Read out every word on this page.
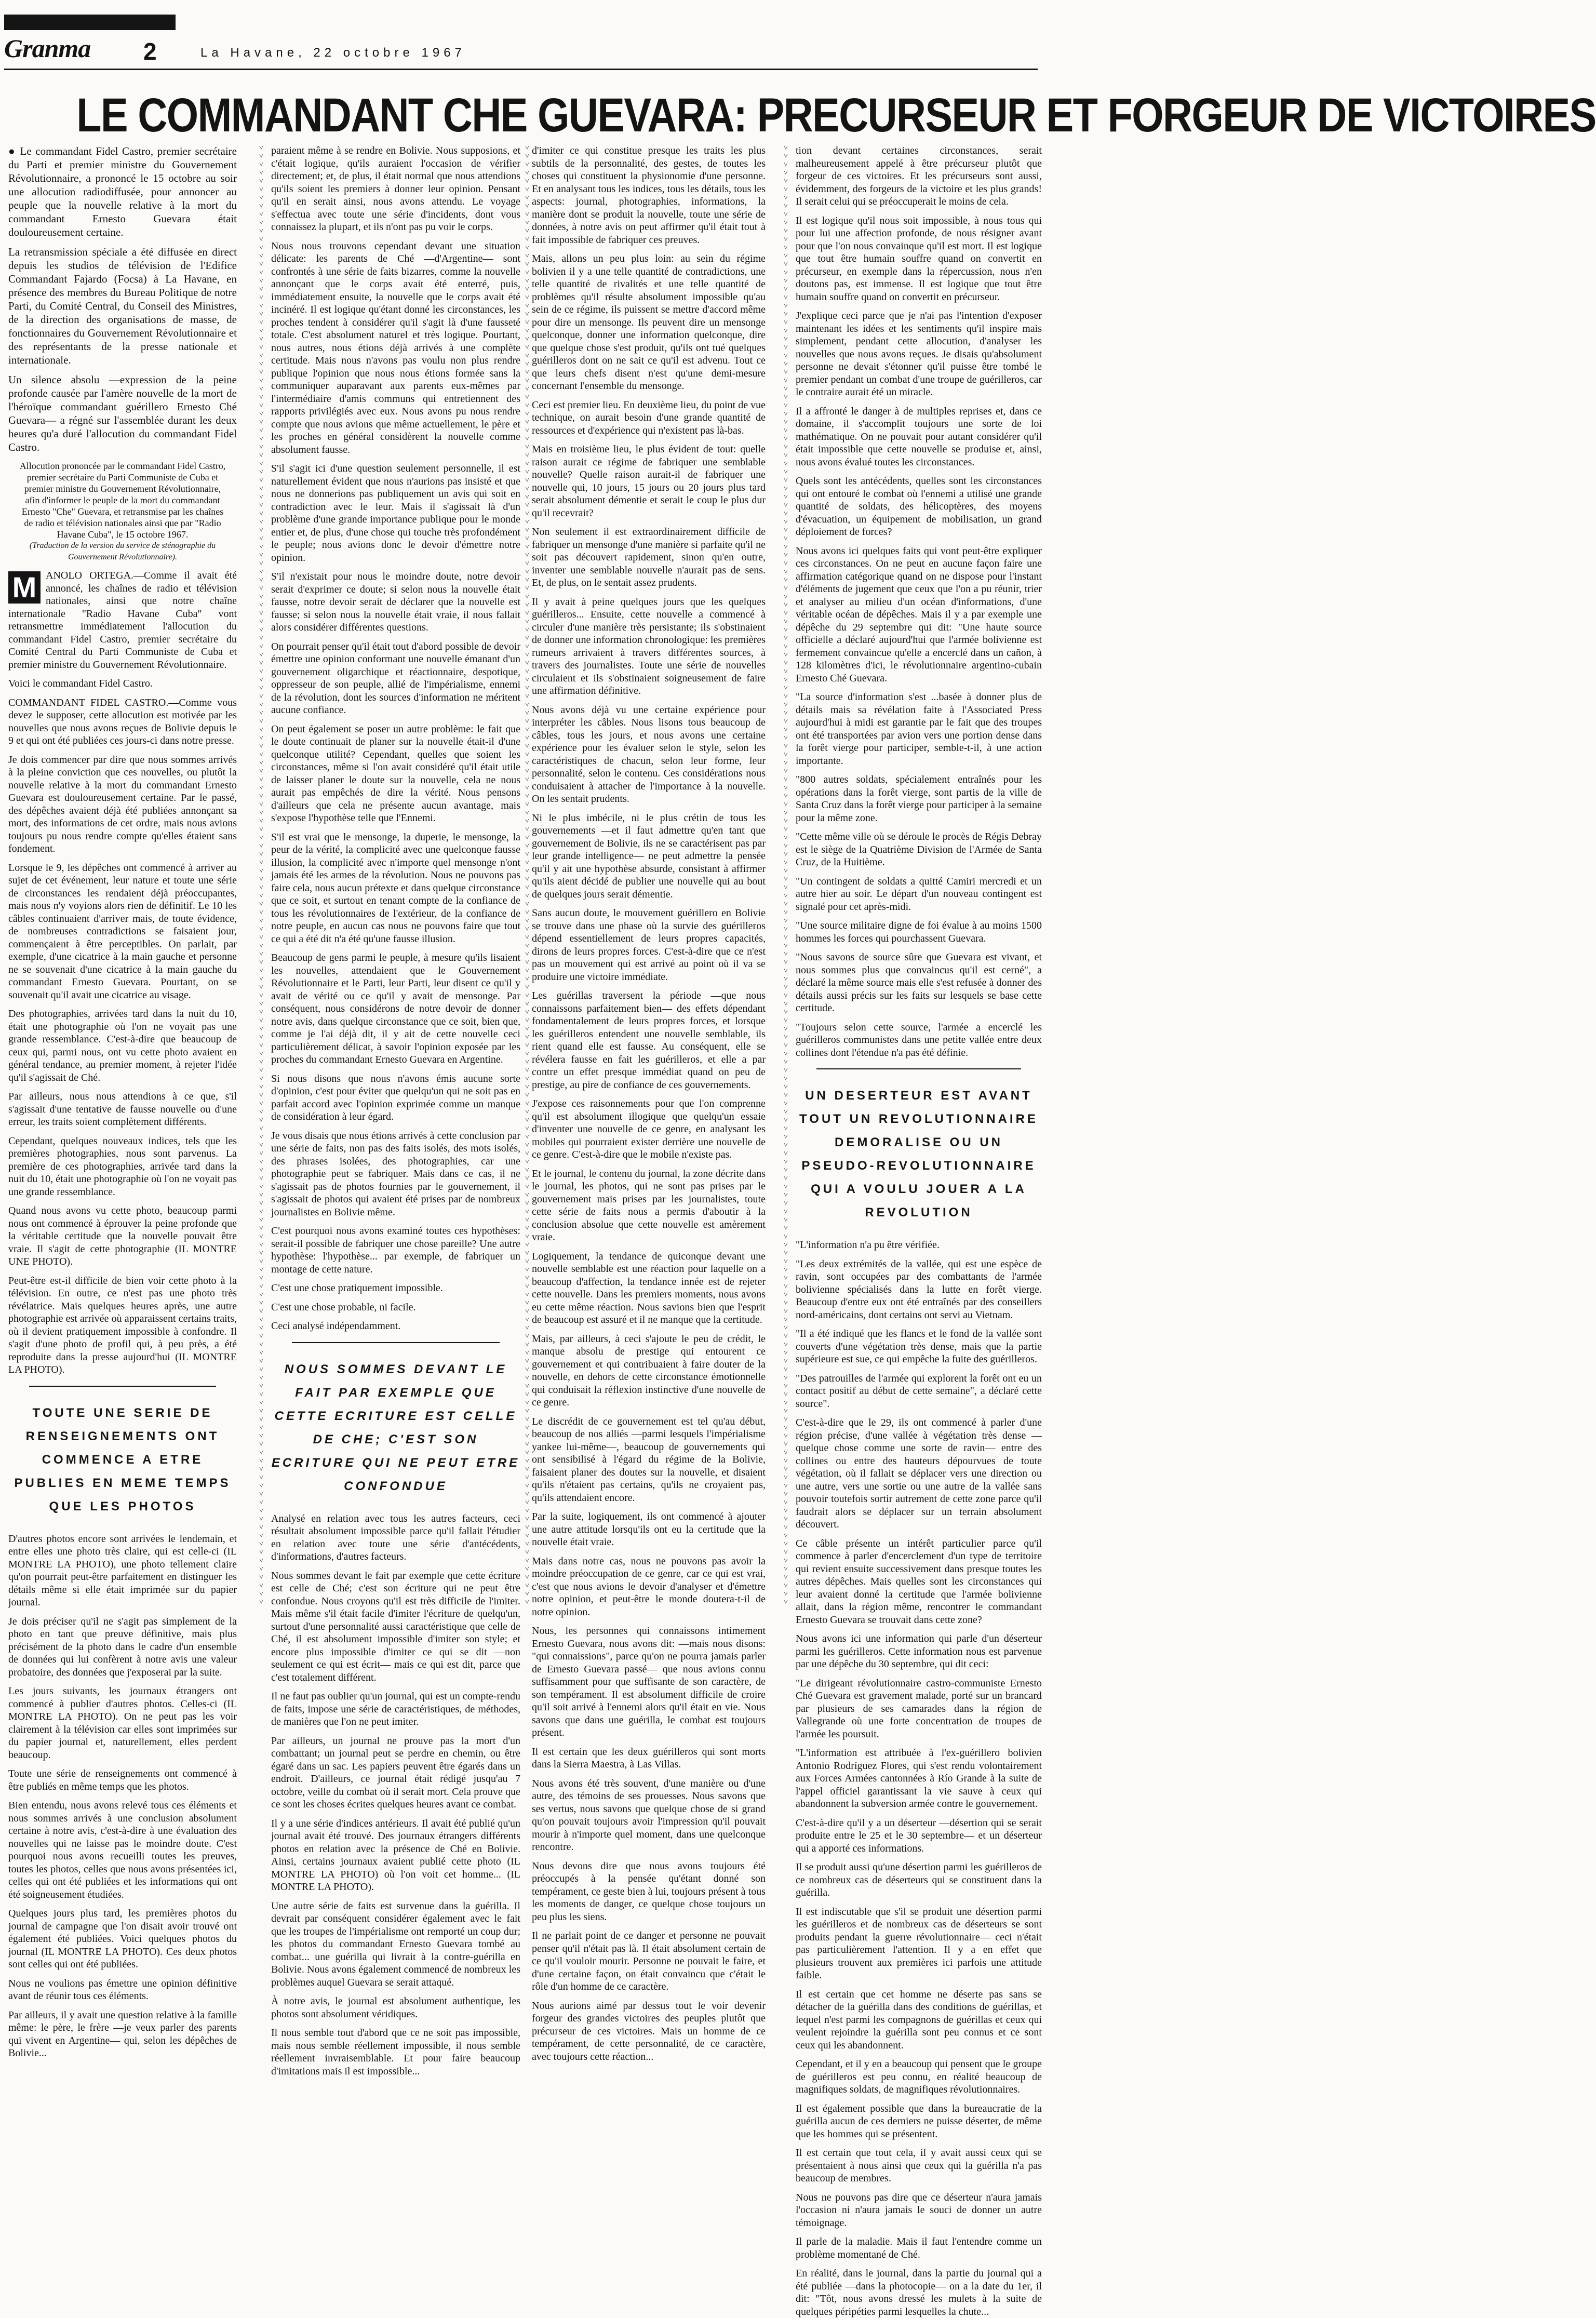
Granma 2	La Havane, 22 octobre 1967
LE COMMANDANT CHE GUEVARA: PRECURSEUR ET FORGEUR DE VICTOIRES

● Le commandant Fidel Castro, premier secrétaire du Parti et premier ministre du Gouvernement Révolutionnaire, a prononcé le 15 octobre au soir une allocution radiodiffusée, pour annoncer au peuple que la nouvelle relative à la mort du commandant Ernesto Guevara était douloureusement certaine.

La retransmission spéciale a été diffusée en direct depuis les studios de télévision de l'Edifice Commandant Fajardo (Focsa) à La Havane, en présence des membres du Bureau Politique de notre Parti, du Comité Central, du Conseil des Ministres, de la direction des organisations de masse, de fonctionnaires du Gouvernement Révolutionnaire et des représentants de la presse nationale et internationale.

Un silence absolu —expression de la peine profonde causée par l'amère nouvelle de la mort de l'héroïque commandant guérillero Ernesto Ché Guevara— a régné sur l'assemblée durant les deux heures qu'a duré l'allocution du commandant Fidel Castro.

Allocution prononcée par le commandant Fidel Castro, premier secrétaire du Parti Communiste de Cuba et premier ministre du Gouvernement Révolutionnaire, afin d'informer le peuple de la mort du commandant Ernesto "Che" Guevara, et retransmise par les chaînes de radio et télévision nationales ainsi que par "Radio Havane Cuba", le 15 octobre 1967.
(Traduction de la version du service de sténographie du Gouvernement Révolutionnaire).
M ANOLO ORTEGA.—Comme il avait été annoncé, les chaînes de radio et télévision nationales, ainsi que notre chaîne internationale "Radio Havane Cuba" vont retransmettre immédiatement l'allocution du commandant Fidel Castro, premier secrétaire du Comité Central du Parti Communiste de Cuba et premier ministre du Gouvernement Révolutionnaire.

Voici le commandant Fidel Castro.

COMMANDANT FIDEL CASTRO.—Comme vous devez le supposer, cette allocution est motivée par les nouvelles que nous avons reçues de Bolivie depuis le 9 et qui ont été publiées ces jours-ci dans notre presse.

Je dois commencer par dire que nous sommes arrivés à la pleine conviction que ces nouvelles, ou plutôt la nouvelle relative à la mort du commandant Ernesto Guevara est douloureusement certaine. Par le passé, des dépêches avaient déjà été publiées annonçant sa mort, des informations de cet ordre, mais nous avions toujours pu nous rendre compte qu'elles étaient sans fondement.

Lorsque le 9, les dépêches ont commencé à arriver au sujet de cet événement, leur nature et toute une série de circonstances les rendaient déjà préoccupantes, mais nous n'y voyions alors rien de définitif. Le 10 les câbles continuaient d'arriver mais, de toute évidence, de nombreuses contradictions se faisaient jour, commençaient à être perceptibles. On parlait, par exemple, d'une cicatrice à la main gauche et personne ne se souvenait d'une cicatrice à la main gauche du commandant Ernesto Guevara. Pourtant, on se souvenait qu'il avait une cicatrice au visage.

Des photographies, arrivées tard dans la nuit du 10, était une photographie où l'on ne voyait pas une grande ressemblance. C'est-à-dire que beaucoup de ceux qui, parmi nous, ont vu cette photo avaient en général tendance, au premier moment, à rejeter l'idée qu'il s'agissait de Ché.

Par ailleurs, nous nous attendions à ce que, s'il s'agissait d'une tentative de fausse nouvelle ou d'une erreur, les traits soient complètement différents.

Cependant, quelques nouveaux indices, tels que les premières photographies, nous sont parvenus. La première de ces photographies, arrivée tard dans la nuit du 10, était une photographie où l'on ne voyait pas une grande ressemblance.

Quand nous avons vu cette photo, beaucoup parmi nous ont commencé à éprouver la peine profonde que la véritable certitude que la nouvelle pouvait être vraie. Il s'agit de cette photographie (IL MONTRE UNE PHOTO).

Peut-être est-il difficile de bien voir cette photo à la télévision. En outre, ce n'est pas une photo très révélatrice. Mais quelques heures après, une autre photographie est arrivée où apparaissent certains traits, où il devient pratiquement impossible à confondre. Il s'agit d'une photo de profil qui, à peu près, a été reproduite dans la presse aujourd'hui (IL MONTRE LA PHOTO).

TOUTE UNE SERIE DE RENSEIGNEMENTS ONT COMMENCE A ETRE PUBLIES EN MEME TEMPS QUE LES PHOTOS

D'autres photos encore sont arrivées le lendemain, et entre elles une photo très claire, qui est celle-ci (IL MONTRE LA PHOTO), une photo tellement claire qu'on pourrait peut-être parfaitement en distinguer les détails même si elle était imprimée sur du papier journal.

Je dois préciser qu'il ne s'agit pas simplement de la photo en tant que preuve définitive, mais plus précisément de la photo dans le cadre d'un ensemble de données qui lui confèrent à notre avis une valeur probatoire, des données que j'exposerai par la suite.

Les jours suivants, les journaux étrangers ont commencé à publier d'autres photos. Celles-ci (IL MONTRE LA PHOTO). On ne peut pas les voir clairement à la télévision car elles sont imprimées sur du papier journal et, naturellement, elles perdent beaucoup.

Toute une série de renseignements ont commencé à être publiés en même temps que les photos.

Bien entendu, nous avons relevé tous ces éléments et nous sommes arrivés à une conclusion absolument certaine à notre avis, c'est-à-dire à une évaluation des nouvelles qui ne laisse pas le moindre doute. C'est pourquoi nous avons recueilli toutes les preuves, toutes les photos, celles que nous avons présentées ici, celles qui ont été publiées et les informations qui ont été soigneusement étudiées.

Quelques jours plus tard, les premières photos du journal de campagne que l'on disait avoir trouvé ont également été publiées. Voici quelques photos du journal (IL MONTRE LA PHOTO). Ces deux photos sont celles qui ont été publiées.

Nous ne voulions pas émettre une opinion définitive avant de réunir tous ces éléments.

Par ailleurs, il y avait une question relative à la famille même: le père, le frère —je veux parler des parents qui vivent en Argentine— qui, selon les dépêches de Bolivie...

˅
˅
˅
˅
˅
˅
˅
˅
˅
˅
˅
˅
˅
˅
˅
˅
˅
˅
˅
˅
˅
˅
˅
˅
˅
˅
˅
˅
˅
˅
˅
˅
˅
˅
˅
˅
˅
˅
˅
˅
˅
˅
˅
˅
˅
˅
˅
˅
˅
˅
˅
˅
˅
˅
˅
˅
˅
˅
˅
˅
˅
˅
˅
˅
˅
˅
˅
˅
˅
˅
˅
˅
˅
˅
˅
˅
˅
˅
˅
˅
˅
˅
˅
˅
˅
˅
˅
˅
˅
˅
˅
˅
˅
˅
˅
˅
˅
˅
˅
˅
˅
˅
˅
˅
˅
˅
˅
˅
˅
˅
˅
˅
˅
˅
˅
˅
˅
˅
˅
˅
˅
˅
˅
˅
˅
˅
˅
˅
˅
˅
˅
˅
˅
˅
˅
˅
˅
˅
˅
˅
˅
˅
˅
˅
˅
˅
˅
˅
˅
˅
˅
˅
˅
˅
˅
˅
˅
˅
˅
˅
˅
˅
˅
˅
˅
˅
˅
˅
˅
˅
˅
˅
˅
˅
˅
˅

paraient même à se rendre en Bolivie. Nous supposions, et c'était logique, qu'ils auraient l'occasion de vérifier directement; et, de plus, il était normal que nous attendions qu'ils soient les premiers à donner leur opinion. Pensant qu'il en serait ainsi, nous avons attendu. Le voyage s'effectua avec toute une série d'incidents, dont vous connaissez la plupart, et ils n'ont pas pu voir le corps.

Nous nous trouvons cependant devant une situation délicate: les parents de Ché —d'Argentine— sont confrontés à une série de faits bizarres, comme la nouvelle annonçant que le corps avait été enterré, puis, immédiatement ensuite, la nouvelle que le corps avait été incinéré. Il est logique qu'étant donné les circonstances, les proches tendent à considérer qu'il s'agit là d'une fausseté totale. C'est absolument naturel et très logique. Pourtant, nous autres, nous étions déjà arrivés à une complète certitude. Mais nous n'avons pas voulu non plus rendre publique l'opinion que nous nous étions formée sans la communiquer auparavant aux parents eux-mêmes par l'intermédiaire d'amis communs qui entretiennent des rapports privilégiés avec eux. Nous avons pu nous rendre compte que nous avions que même actuellement, le père et les proches en général considèrent la nouvelle comme absolument fausse.

S'il s'agit ici d'une question seulement personnelle, il est naturellement évident que nous n'aurions pas insisté et que nous ne donnerions pas publiquement un avis qui soit en contradiction avec le leur. Mais il s'agissait là d'un problème d'une grande importance publique pour le monde entier et, de plus, d'une chose qui touche très profondément le peuple; nous avions donc le devoir d'émettre notre opinion.

S'il n'existait pour nous le moindre doute, notre devoir serait d'exprimer ce doute; si selon nous la nouvelle était fausse, notre devoir serait de déclarer que la nouvelle est fausse; si selon nous la nouvelle était vraie, il nous fallait alors considérer différentes questions.

On pourrait penser qu'il était tout d'abord possible de devoir émettre une opinion conformant une nouvelle émanant d'un gouvernement oligarchique et réactionnaire, despotique, oppresseur de son peuple, allié de l'impérialisme, ennemi de la révolution, dont les sources d'information ne méritent aucune confiance.

On peut également se poser un autre problème: le fait que le doute continuait de planer sur la nouvelle était-il d'une quelconque utilité? Cependant, quelles que soient les circonstances, même si l'on avait considéré qu'il était utile de laisser planer le doute sur la nouvelle, cela ne nous aurait pas empêchés de dire la vérité. Nous pensons d'ailleurs que cela ne présente aucun avantage, mais s'expose l'hypothèse telle que l'Ennemi.

S'il est vrai que le mensonge, la duperie, le mensonge, la peur de la vérité, la complicité avec une quelconque fausse illusion, la complicité avec n'importe quel mensonge n'ont jamais été les armes de la révolution. Nous ne pouvons pas faire cela, nous aucun prétexte et dans quelque circonstance que ce soit, et surtout en tenant compte de la confiance de tous les révolutionnaires de l'extérieur, de la confiance de notre peuple, en aucun cas nous ne pouvons faire que tout ce qui a été dit n'a été qu'une fausse illusion.

Beaucoup de gens parmi le peuple, à mesure qu'ils lisaient les nouvelles, attendaient que le Gouvernement Révolutionnaire et le Parti, leur Parti, leur disent ce qu'il y avait de vérité ou ce qu'il y avait de mensonge. Par conséquent, nous considérons de notre devoir de donner notre avis, dans quelque circonstance que ce soit, bien que, comme je l'ai déjà dit, il y ait de cette nouvelle ceci particulièrement délicat, à savoir l'opinion exposée par les proches du commandant Ernesto Guevara en Argentine.

Si nous disons que nous n'avons émis aucune sorte d'opinion, c'est pour éviter que quelqu'un qui ne soit pas en parfait accord avec l'opinion exprimée comme un manque de considération à leur égard.

Je vous disais que nous étions arrivés à cette conclusion par une série de faits, non pas des faits isolés, des mots isolés, des phrases isolées, des photographies, car une photographie peut se fabriquer. Mais dans ce cas, il ne s'agissait pas de photos fournies par le gouvernement, il s'agissait de photos qui avaient été prises par de nombreux journalistes en Bolivie même.

C'est pourquoi nous avons examiné toutes ces hypothèses: serait-il possible de fabriquer une chose pareille? Une autre hypothèse: l'hypothèse... par exemple, de fabriquer un montage de cette nature.

C'est une chose pratiquement impossible.

C'est une chose probable, ni facile.

Ceci analysé indépendamment.

NOUS SOMMES DEVANT LE FAIT PAR EXEMPLE QUE CETTE ECRITURE EST CELLE DE CHE; C'EST SON ECRITURE QUI NE PEUT ETRE CONFONDUE

Analysé en relation avec tous les autres facteurs, ceci résultait absolument impossible parce qu'il fallait l'étudier en relation avec toute une série d'antécédents, d'informations, d'autres facteurs.

Nous sommes devant le fait par exemple que cette écriture est celle de Ché; c'est son écriture qui ne peut être confondue. Nous croyons qu'il est très difficile de l'imiter. Mais même s'il était facile d'imiter l'écriture de quelqu'un, surtout d'une personnalité aussi caractéristique que celle de Ché, il est absolument impossible d'imiter son style; et encore plus impossible d'imiter ce qui se dit —non seulement ce qui est écrit— mais ce qui est dit, parce que c'est totalement différent.

Il ne faut pas oublier qu'un journal, qui est un compte-rendu de faits, impose une série de caractéristiques, de méthodes, de manières que l'on ne peut imiter.

Par ailleurs, un journal ne prouve pas la mort d'un combattant; un journal peut se perdre en chemin, ou être égaré dans un sac. Les papiers peuvent être égarés dans un endroit. D'ailleurs, ce journal était rédigé jusqu'au 7 octobre, veille du combat où il serait mort. Cela prouve que ce sont les choses écrites quelques heures avant ce combat.

Il y a une série d'indices antérieurs. Il avait été publié qu'un journal avait été trouvé. Des journaux étrangers différents photos en relation avec la présence de Ché en Bolivie. Ainsi, certains journaux avaient publié cette photo (IL MONTRE LA PHOTO) où l'on voit cet homme... (IL MONTRE LA PHOTO).

Une autre série de faits est survenue dans la guérilla. Il devrait par conséquent considérer également avec le fait que les troupes de l'impérialisme ont remporté un coup dur; les photos du commandant Ernesto Guevara tombé au combat... une guérilla qui livrait à la contre-guérilla en Bolivie. Nous avons également commencé de nombreux les problèmes auquel Guevara se serait attaqué.

À notre avis, le journal est absolument authentique, les photos sont absolument véridiques.

Il nous semble tout d'abord que ce ne soit pas impossible, mais nous semble réellement impossible, il nous semble réellement invraisemblable. Et pour faire beaucoup d'imitations mais il est impossible...

˅
˅
˅
˅
˅
˅
˅
˅
˅
˅
˅
˅
˅
˅
˅
˅
˅
˅
˅
˅
˅
˅
˅
˅
˅
˅
˅
˅
˅
˅
˅
˅
˅
˅
˅
˅
˅
˅
˅
˅
˅
˅
˅
˅
˅
˅
˅
˅
˅
˅
˅
˅
˅
˅
˅
˅
˅
˅
˅
˅
˅
˅
˅
˅
˅
˅
˅
˅
˅
˅
˅
˅
˅
˅
˅
˅
˅
˅
˅
˅
˅
˅
˅
˅
˅
˅
˅
˅
˅
˅
˅
˅
˅
˅
˅
˅
˅
˅
˅
˅
˅
˅
˅
˅
˅
˅
˅
˅
˅
˅
˅
˅
˅
˅
˅
˅
˅
˅
˅
˅
˅
˅
˅
˅
˅
˅
˅
˅
˅
˅
˅
˅
˅
˅
˅
˅
˅
˅
˅
˅
˅
˅
˅
˅
˅
˅
˅
˅
˅
˅
˅
˅
˅
˅
˅
˅
˅
˅
˅
˅
˅
˅
˅
˅
˅
˅
˅
˅
˅
˅
˅
˅
˅
˅
˅
˅

d'imiter ce qui constitue presque les traits les plus subtils de la personnalité, des gestes, de toutes les choses qui constituent la physionomie d'une personne. Et en analysant tous les indices, tous les détails, tous les aspects: journal, photographies, informations, la manière dont se produit la nouvelle, toute une série de données, à notre avis on peut affirmer qu'il était tout à fait impossible de fabriquer ces preuves.

Mais, allons un peu plus loin: au sein du régime bolivien il y a une telle quantité de contradictions, une telle quantité de rivalités et une telle quantité de problèmes qu'il résulte absolument impossible qu'au sein de ce régime, ils puissent se mettre d'accord même pour dire un mensonge. Ils peuvent dire un mensonge quelconque, donner une information quelconque, dire que quelque chose s'est produit, qu'ils ont tué quelques guérilleros dont on ne sait ce qu'il est advenu. Tout ce que leurs chefs disent n'est qu'une demi-mesure concernant l'ensemble du mensonge.

Ceci est premier lieu. En deuxième lieu, du point de vue technique, on aurait besoin d'une grande quantité de ressources et d'expérience qui n'existent pas là-bas.

Mais en troisième lieu, le plus évident de tout: quelle raison aurait ce régime de fabriquer une semblable nouvelle? Quelle raison aurait-il de fabriquer une nouvelle qui, 10 jours, 15 jours ou 20 jours plus tard serait absolument démentie et serait le coup le plus dur qu'il recevrait?

Non seulement il est extraordinairement difficile de fabriquer un mensonge d'une manière si parfaite qu'il ne soit pas découvert rapidement, sinon qu'en outre, inventer une semblable nouvelle n'aurait pas de sens. Et, de plus, on le sentait assez prudents.

Il y avait à peine quelques jours que les quelques guérilleros... Ensuite, cette nouvelle a commencé à circuler d'une manière très persistante; ils s'obstinaient de donner une information chronologique: les premières rumeurs arrivaient à travers différentes sources, à travers des journalistes. Toute une série de nouvelles circulaient et ils s'obstinaient soigneusement de faire une affirmation définitive.

Nous avons déjà vu une certaine expérience pour interpréter les câbles. Nous lisons tous beaucoup de câbles, tous les jours, et nous avons une certaine expérience pour les évaluer selon le style, selon les caractéristiques de chacun, selon leur forme, leur personnalité, selon le contenu. Ces considérations nous conduisaient à attacher de l'importance à la nouvelle. On les sentait prudents.

Ni le plus imbécile, ni le plus crétin de tous les gouvernements —et il faut admettre qu'en tant que gouvernement de Bolivie, ils ne se caractérisent pas par leur grande intelligence— ne peut admettre la pensée qu'il y ait une hypothèse absurde, consistant à affirmer qu'ils aient décidé de publier une nouvelle qui au bout de quelques jours serait démentie.

Sans aucun doute, le mouvement guérillero en Bolivie se trouve dans une phase où la survie des guérilleros dépend essentiellement de leurs propres capacités, dirons de leurs propres forces. C'est-à-dire que ce n'est pas un mouvement qui est arrivé au point où il va se produire une victoire immédiate.

Les guérillas traversent la période —que nous connaissons parfaitement bien— des effets dépendant fondamentalement de leurs propres forces, et lorsque les guérilleros entendent une nouvelle semblable, ils rient quand elle est fausse. Au conséquent, elle se révélera fausse en fait les guérilleros, et elle a par contre un effet presque immédiat quand on peu de prestige, au pire de confiance de ces gouvernements.

J'expose ces raisonnements pour que l'on comprenne qu'il est absolument illogique que quelqu'un essaie d'inventer une nouvelle de ce genre, en analysant les mobiles qui pourraient exister derrière une nouvelle de ce genre. C'est-à-dire que le mobile n'existe pas.

Et le journal, le contenu du journal, la zone décrite dans le journal, les photos, qui ne sont pas prises par le gouvernement mais prises par les journalistes, toute cette série de faits nous a permis d'aboutir à la conclusion absolue que cette nouvelle est amèrement vraie.

Logiquement, la tendance de quiconque devant une nouvelle semblable est une réaction pour laquelle on a beaucoup d'affection, la tendance innée est de rejeter cette nouvelle. Dans les premiers moments, nous avons eu cette même réaction. Nous savions bien que l'esprit de beaucoup est assuré et il ne manque que la certitude.

Mais, par ailleurs, à ceci s'ajoute le peu de crédit, le manque absolu de prestige qui entourent ce gouvernement et qui contribuaient à faire douter de la nouvelle, en dehors de cette circonstance émotionnelle qui conduisait la réflexion instinctive d'une nouvelle de ce genre.

Le discrédit de ce gouvernement est tel qu'au début, beaucoup de nos alliés —parmi lesquels l'impérialisme yankee lui-même—, beaucoup de gouvernements qui ont sensibilisé à l'égard du régime de la Bolivie, faisaient planer des doutes sur la nouvelle, et disaient qu'ils n'étaient pas certains, qu'ils ne croyaient pas, qu'ils attendaient encore.

Par la suite, logiquement, ils ont commencé à ajouter une autre attitude lorsqu'ils ont eu la certitude que la nouvelle était vraie.

Mais dans notre cas, nous ne pouvons pas avoir la moindre préoccupation de ce genre, car ce qui est vrai, c'est que nous avions le devoir d'analyser et d'émettre notre opinion, et peut-être le monde doutera-t-il de notre opinion.

Nous, les personnes qui connaissons intimement Ernesto Guevara, nous avons dit: —mais nous disons: "qui connaissions", parce qu'on ne pourra jamais parler de Ernesto Guevara passé— que nous avions connu suffisamment pour que suffisante de son caractère, de son tempérament. Il est absolument difficile de croire qu'il soit arrivé à l'ennemi alors qu'il était en vie. Nous savons que dans une guérilla, le combat est toujours présent.

Il est certain que les deux guérilleros qui sont morts dans la Sierra Maestra, à Las Villas.

Nous avons été très souvent, d'une manière ou d'une autre, des témoins de ses prouesses. Nous savons que ses vertus, nous savons que quelque chose de si grand qu'on pouvait toujours avoir l'impression qu'il pouvait mourir à n'importe quel moment, dans une quelconque rencontre.

Nous devons dire que nous avons toujours été préoccupés à la pensée qu'étant donné son tempérament, ce geste bien à lui, toujours présent à tous les moments de danger, ce quelque chose toujours un peu plus les siens.

Il ne parlait point de ce danger et personne ne pouvait penser qu'il n'était pas là. Il était absolument certain de ce qu'il vouloir mourir. Personne ne pouvait le faire, et d'une certaine façon, on était convaincu que c'était le rôle d'un homme de ce caractère.

Nous aurions aimé par dessus tout le voir devenir forgeur des grandes victoires des peuples plutôt que précurseur de ces victoires. Mais un homme de ce tempérament, de cette personnalité, de ce caractère, avec toujours cette réaction...

˅
˅
˅
˅
˅
˅
˅
˅
˅
˅
˅
˅
˅
˅
˅
˅
˅
˅
˅
˅
˅
˅
˅
˅
˅
˅
˅
˅
˅
˅
˅
˅
˅
˅
˅
˅
˅
˅
˅
˅
˅
˅
˅
˅
˅
˅
˅
˅
˅
˅
˅
˅
˅
˅
˅
˅
˅
˅
˅
˅
˅
˅
˅
˅
˅
˅
˅
˅
˅
˅
˅
˅
˅
˅
˅
˅
˅
˅
˅
˅
˅
˅
˅
˅
˅
˅
˅
˅
˅
˅
˅
˅
˅
˅
˅
˅
˅
˅
˅
˅
˅
˅
˅
˅
˅
˅
˅
˅
˅
˅
˅
˅
˅
˅
˅
˅
˅
˅
˅
˅
˅
˅
˅
˅
˅
˅
˅
˅
˅
˅
˅
˅
˅
˅
˅
˅
˅
˅
˅
˅
˅
˅
˅
˅
˅
˅
˅
˅
˅
˅
˅
˅
˅
˅
˅
˅
˅
˅
˅
˅
˅
˅
˅
˅
˅
˅
˅
˅
˅
˅
˅
˅
˅
˅
˅
˅

tion devant certaines circonstances, serait malheureusement appelé à être précurseur plutôt que forgeur de ces victoires. Et les précurseurs sont aussi, évidemment, des forgeurs de la victoire et les plus grands! Il serait celui qui se préoccuperait le moins de cela.

Il est logique qu'il nous soit impossible, à nous tous qui pour lui une affection profonde, de nous résigner avant pour que l'on nous convainque qu'il est mort. Il est logique que tout être humain souffre quand on convertit en précurseur, en exemple dans la répercussion, nous n'en doutons pas, est immense. Il est logique que tout être humain souffre quand on convertit en précurseur.

J'explique ceci parce que je n'ai pas l'intention d'exposer maintenant les idées et les sentiments qu'il inspire mais simplement, pendant cette allocution, d'analyser les nouvelles que nous avons reçues. Je disais qu'absolument personne ne devait s'étonner qu'il puisse être tombé le premier pendant un combat d'une troupe de guérilleros, car le contraire aurait été un miracle.

Il a affronté le danger à de multiples reprises et, dans ce domaine, il s'accomplit toujours une sorte de loi mathématique. On ne pouvait pour autant considérer qu'il était impossible que cette nouvelle se produise et, ainsi, nous avons évalué toutes les circonstances.

Quels sont les antécédents, quelles sont les circonstances qui ont entouré le combat où l'ennemi a utilisé une grande quantité de soldats, des hélicoptères, des moyens d'évacuation, un équipement de mobilisation, un grand déploiement de forces?

Nous avons ici quelques faits qui vont peut-être expliquer ces circonstances. On ne peut en aucune façon faire une affirmation catégorique quand on ne dispose pour l'instant d'éléments de jugement que ceux que l'on a pu réunir, trier et analyser au milieu d'un océan d'informations, d'une véritable océan de dépêches. Mais il y a par exemple une dépêche du 29 septembre qui dit: "Une haute source officielle a déclaré aujourd'hui que l'armée bolivienne est fermement convaincue qu'elle a encerclé dans un cañon, à 128 kilomètres d'ici, le révolutionnaire argentino-cubain Ernesto Ché Guevara.

"La source d'information s'est ...basée à donner plus de détails mais sa révélation faite à l'Associated Press aujourd'hui à midi est garantie par le fait que des troupes ont été transportées par avion vers une portion dense dans la forêt vierge pour participer, semble-t-il, à une action importante.

"800 autres soldats, spécialement entraînés pour les opérations dans la forêt vierge, sont partis de la ville de Santa Cruz dans la forêt vierge pour participer à la semaine pour la même zone.

"Cette même ville où se déroule le procès de Régis Debray est le siège de la Quatrième Division de l'Armée de Santa Cruz, de la Huitième.

"Un contingent de soldats a quitté Camiri mercredi et un autre hier au soir. Le départ d'un nouveau contingent est signalé pour cet après-midi.

"Une source militaire digne de foi évalue à au moins 1500 hommes les forces qui pourchassent Guevara.

"Nous savons de source sûre que Guevara est vivant, et nous sommes plus que convaincus qu'il est cerné", a déclaré la même source mais elle s'est refusée à donner des détails aussi précis sur les faits sur lesquels se base cette certitude.

"Toujours selon cette source, l'armée a encerclé les guérilleros communistes dans une petite vallée entre deux collines dont l'étendue n'a pas été définie.

UN DESERTEUR EST AVANT TOUT UN REVOLUTIONNAIRE DEMORALISE OU UN PSEUDO-REVOLUTIONNAIRE QUI A VOULU JOUER A LA REVOLUTION

"L'information n'a pu être vérifiée.

"Les deux extrémités de la vallée, qui est une espèce de ravin, sont occupées par des combattants de l'armée bolivienne spécialisés dans la lutte en forêt vierge. Beaucoup d'entre eux ont été entraînés par des conseillers nord-américains, dont certains ont servi au Vietnam.

"Il a été indiqué que les flancs et le fond de la vallée sont couverts d'une végétation très dense, mais que la partie supérieure est sue, ce qui empêche la fuite des guérilleros.

"Des patrouilles de l'armée qui explorent la forêt ont eu un contact positif au début de cette semaine", a déclaré cette source".

C'est-à-dire que le 29, ils ont commencé à parler d'une région précise, d'une vallée à végétation très dense —quelque chose comme une sorte de ravin— entre des collines ou entre des hauteurs dépourvues de toute végétation, où il fallait se déplacer vers une direction ou une autre, vers une sortie ou une autre de la vallée sans pouvoir toutefois sortir autrement de cette zone parce qu'il faudrait alors se déplacer sur un terrain absolument découvert.

Ce câble présente un intérêt particulier parce qu'il commence à parler d'encerclement d'un type de territoire qui revient ensuite successivement dans presque toutes les autres dépêches. Mais quelles sont les circonstances qui leur avaient donné la certitude que l'armée bolivienne allait, dans la région même, rencontrer le commandant Ernesto Guevara se trouvait dans cette zone?

Nous avons ici une information qui parle d'un déserteur parmi les guérilleros. Cette information nous est parvenue par une dépêche du 30 septembre, qui dit ceci:

"Le dirigeant révolutionnaire castro-communiste Ernesto Ché Guevara est gravement malade, porté sur un brancard par plusieurs de ses camarades dans la région de Vallegrande où une forte concentration de troupes de l'armée les poursuit.

"L'information est attribuée à l'ex-guérillero bolivien Antonio Rodríguez Flores, qui s'est rendu volontairement aux Forces Armées cantonnées à Río Grande à la suite de l'appel officiel garantissant la vie sauve à ceux qui abandonnent la subversion armée contre le gouvernement.

C'est-à-dire qu'il y a un déserteur —désertion qui se serait produite entre le 25 et le 30 septembre— et un déserteur qui a apporté ces informations.

Il se produit aussi qu'une désertion parmi les guérilleros de ce nombreux cas de déserteurs qui se constituent dans la guérilla.

Il est indiscutable que s'il se produit une désertion parmi les guérilleros et de nombreux cas de déserteurs se sont produits pendant la guerre révolutionnaire— ceci n'était pas particulièrement l'attention. Il y a en effet que plusieurs trouvent aux premières ici parfois une attitude faible.

Il est certain que cet homme ne déserte pas sans se détacher de la guérilla dans des conditions de guérillas, et lequel n'est parmi les compagnons de guérillas et ceux qui veulent rejoindre la guérilla sont peu connus et ce sont ceux qui les abandonnent.

Cependant, et il y en a beaucoup qui pensent que le groupe de guérilleros est peu connu, en réalité beaucoup de magnifiques soldats, de magnifiques révolutionnaires.

Il est également possible que dans la bureaucratie de la guérilla aucun de ces derniers ne puisse déserter, de même que les hommes qui se présentent.

Il est certain que tout cela, il y avait aussi ceux qui se présentaient à nous ainsi que ceux qui la guérilla n'a pas beaucoup de membres.

Nous ne pouvons pas dire que ce déserteur n'aura jamais l'occasion ni n'aura jamais le souci de donner un autre témoignage.

Il parle de la maladie. Mais il faut l'entendre comme un problème momentané de Ché.

En réalité, dans le journal, dans la partie du journal qui a été publiée —dans la photocopie— on a la date du 1er, il dit: "Tôt, nous avons dressé les mulets à la suite de quelques péripéties parmi lesquelles la chute...
